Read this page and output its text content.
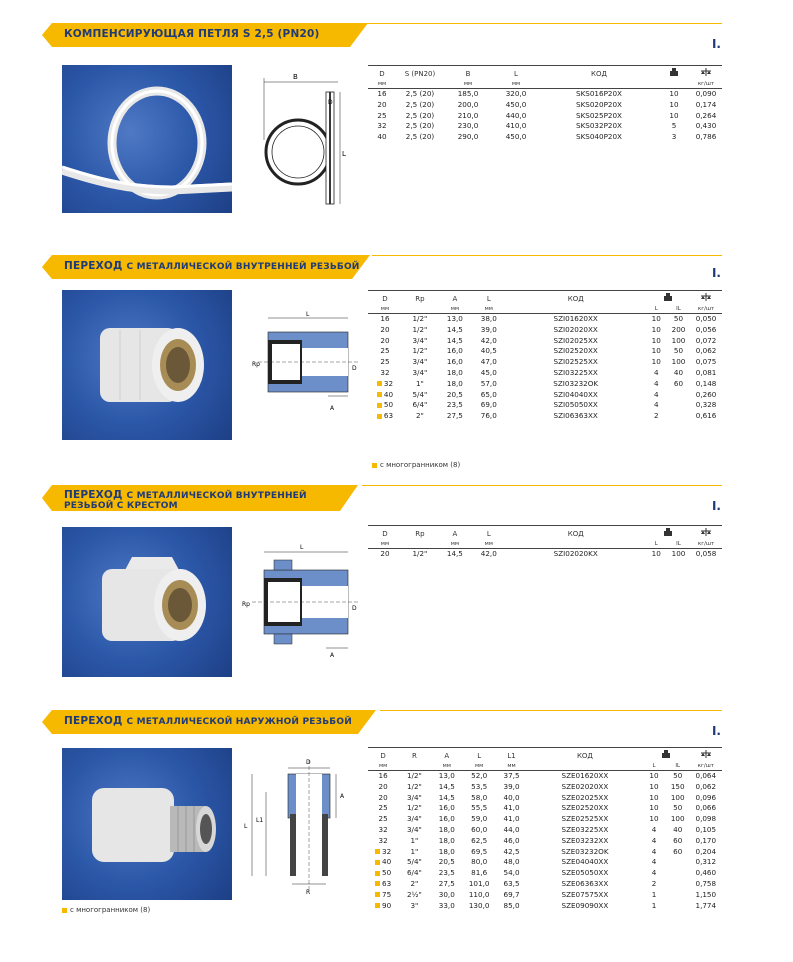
КОМПЕНСИРУЮЩАЯ ПЕТЛЯ S 2,5 (PN20)
I.
B
D
L
D	S (PN20)	B	L	КОД		

мм		мм	мм			кг/шт

16	2,5 (20)	185,0	320,0	SKS016P20X	10	0,090
20	2,5 (20)	200,0	450,0	SKS020P20X	10	0,174
25	2,5 (20)	210,0	440,0	SKS025P20X	10	0,264
32	2,5 (20)	230,0	410,0	SKS032P20X	5	0,430
40	2,5 (20)	290,0	450,0	SKS040P20X	3	0,786
ПЕРЕХОД С МЕТАЛЛИЧЕСКОЙ ВНУТРЕННЕЙ РЕЗЬБОЙ	I.
L
Rp
D
A
D	Rp	A	L	КОД		

мм		мм	мм		L	IL	кг/шт

16	1/2"	13,0	38,0	SZI01620XX	10	50	0,050
20	1/2"	14,5	39,0	SZI02020XX	10	200	0,056
20	3/4"	14,5	42,0	SZI02025XX	10	100	0,072
25	1/2"	16,0	40,5	SZI02520XX	10	50	0,062
25	3/4"	16,0	47,0	SZI02525XX	10	100	0,075
32	3/4"	18,0	45,0	SZI03225XX	4	40	0,081
32	1"	18,0	57,0	SZI03232OK	4	60	0,148
40	5/4"	20,5	65,0	SZI04040XX	4		0,260
50	6/4"	23,5	69,0	SZI05050XX	4		0,328
63	2"	27,5	76,0	SZI06363XX	2		0,616
с многогранником (8)
ПЕРЕХОД С МЕТАЛЛИЧЕСКОЙ ВНУТРЕННЕЙ
РЕЗЬБОЙ С КРЕСТОМ	I.
L
Rp
D
A
D	Rp	A	L	КОД		

мм		мм	мм		L	IL	кг/шт

20	1/2"	14,5	42,0	SZI02020KX	10	100	0,058
ПЕРЕХОД С МЕТАЛЛИЧЕСКОЙ НАРУЖНОЙ РЕЗЬБОЙ
I.
с многогранником (8)
D
A
L
L1
R
D	R	A	L	L1	КОД		

мм		мм	мм	мм		L	IL	кг/шт

16	1/2"	13,0	52,0	37,5	SZE01620XX	10	50	0,064
20	1/2"	14,5	53,5	39,0	SZE02020XX	10	150	0,062
20	3/4"	14,5	58,0	40,0	SZE02025XX	10	100	0,096
25	1/2"	16,0	55,5	41,0	SZE02520XX	10	50	0,066
25	3/4"	16,0	59,0	41,0	SZE02525XX	10	100	0,098
32	3/4"	18,0	60,0	44,0	SZE03225XX	4	40	0,105
32	1"	18,0	62,5	46,0	SZE03232XX	4	60	0,170
32	1"	18,0	69,5	42,5	SZE03232OK	4	60	0,204
40	5/4"	20,5	80,0	48,0	SZE04040XX	4		0,312
50	6/4"	23,5	81,6	54,0	SZE05050XX	4		0,460
63	2"	27,5	101,0	63,5	SZE06363XX	2		0,758
75	2½"	30,0	110,0	69,7	SZE07575XX	1		1,150
90	3"	33,0	130,0	85,0	SZE09090XX	1		1,774
